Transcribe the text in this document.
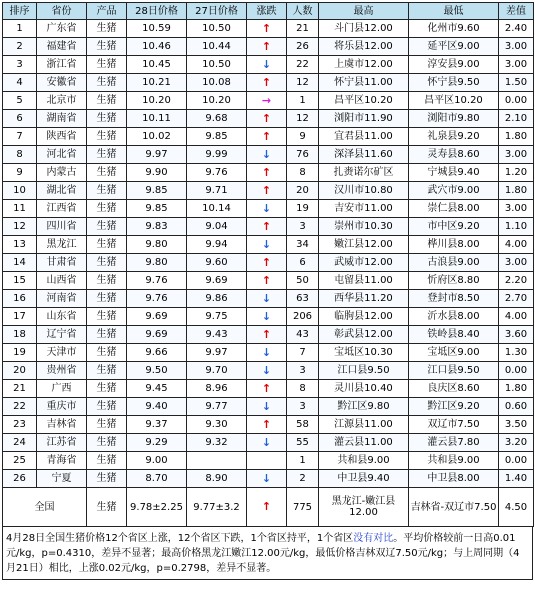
排序	省份	产品	28日价格	27日价格	涨跌	人数	最高	最低	差值
1	广东省	生猪	10.59	10.50	↑	21	斗门县12.00	化州市9.60	2.40
2	福建省	生猪	10.46	10.44	↑	26	将乐县12.00	延平区9.00	3.00
3	浙江省	生猪	10.45	10.50	↓	22	上虞市12.00	淳安县9.00	3.00
4	安徽省	生猪	10.21	10.08	↑	12	怀宁县11.00	怀宁县9.50	1.50
5	北京市	生猪	10.20	10.20	→	1	昌平区10.20	昌平区10.20	0.00
6	湖南省	生猪	10.11	9.68	↑	12	浏阳市11.90	浏阳市9.80	2.10
7	陕西省	生猪	10.02	9.85	↑	9	宜君县11.00	礼泉县9.20	1.80
8	河北省	生猪	9.97	9.99	↓	76	深泽县11.60	灵寿县8.60	3.00
9	内蒙古	生猪	9.90	9.76	↑	8	扎赉诺尔矿区	宁城县9.40	1.20
10	湖北省	生猪	9.85	9.71	↑	20	汉川市10.80	武穴市9.00	1.80
11	江西省	生猪	9.85	10.14	↓	19	吉安市11.00	崇仁县8.00	3.00
12	四川省	生猪	9.83	9.04	↑	3	崇州市10.30	市中区9.20	1.10
13	黑龙江	生猪	9.80	9.94	↓	34	嫩江县12.00	桦川县8.00	4.00
14	甘肃省	生猪	9.80	9.60	↑	6	武威市12.00	古浪县9.00	3.00
15	山西省	生猪	9.76	9.69	↑	50	屯留县11.00	忻府区8.80	2.20
16	河南省	生猪	9.76	9.86	↓	63	西华县11.20	登封市8.50	2.70
17	山东省	生猪	9.69	9.75	↓	206	临朐县12.00	沂水县8.00	4.00
18	辽宁省	生猪	9.69	9.43	↑	43	彰武县12.00	铁岭县8.40	3.60
19	天津市	生猪	9.66	9.97	↓	7	宝坻区10.30	宝坻区9.00	1.30
20	贵州省	生猪	9.50	9.70	↓	3	江口县9.50	江口县9.50	0.00
21	广西	生猪	9.45	8.96	↑	8	灵川县10.40	良庆区8.60	1.80
22	重庆市	生猪	9.40	9.77	↓	3	黔江区9.80	黔江区9.20	0.60
23	吉林省	生猪	9.37	9.30	↑	58	江源县11.00	双辽市7.50	3.50
24	江苏省	生猪	9.29	9.32	↓	55	灌云县11.00	灌云县7.80	3.20
25	青海省	生猪	9.00			1	共和县9.00	共和县9.00	0.00
26	宁夏	生猪	8.70	8.90	↓	2	中卫县9.40	中卫县8.00	1.40
全国		生猪	9.78±2.25	9.77±3.2	↑	775	黑龙江-嫩江县12.00	吉林省-双辽市7.50	4.50
4月28日全国生猪价格12个省区上涨，12个省区下跌，1个省区持平，1个省区没有对比。平均价格较前一日高0.01元/kg，p=0.4310，差异不显著；最高价格黑龙江嫩江12.00元/kg，最低价格吉林双辽7.50元/kg；与上周同期（4月21日）相比，上涨0.02元/kg，p=0.2798，差异不显著。
